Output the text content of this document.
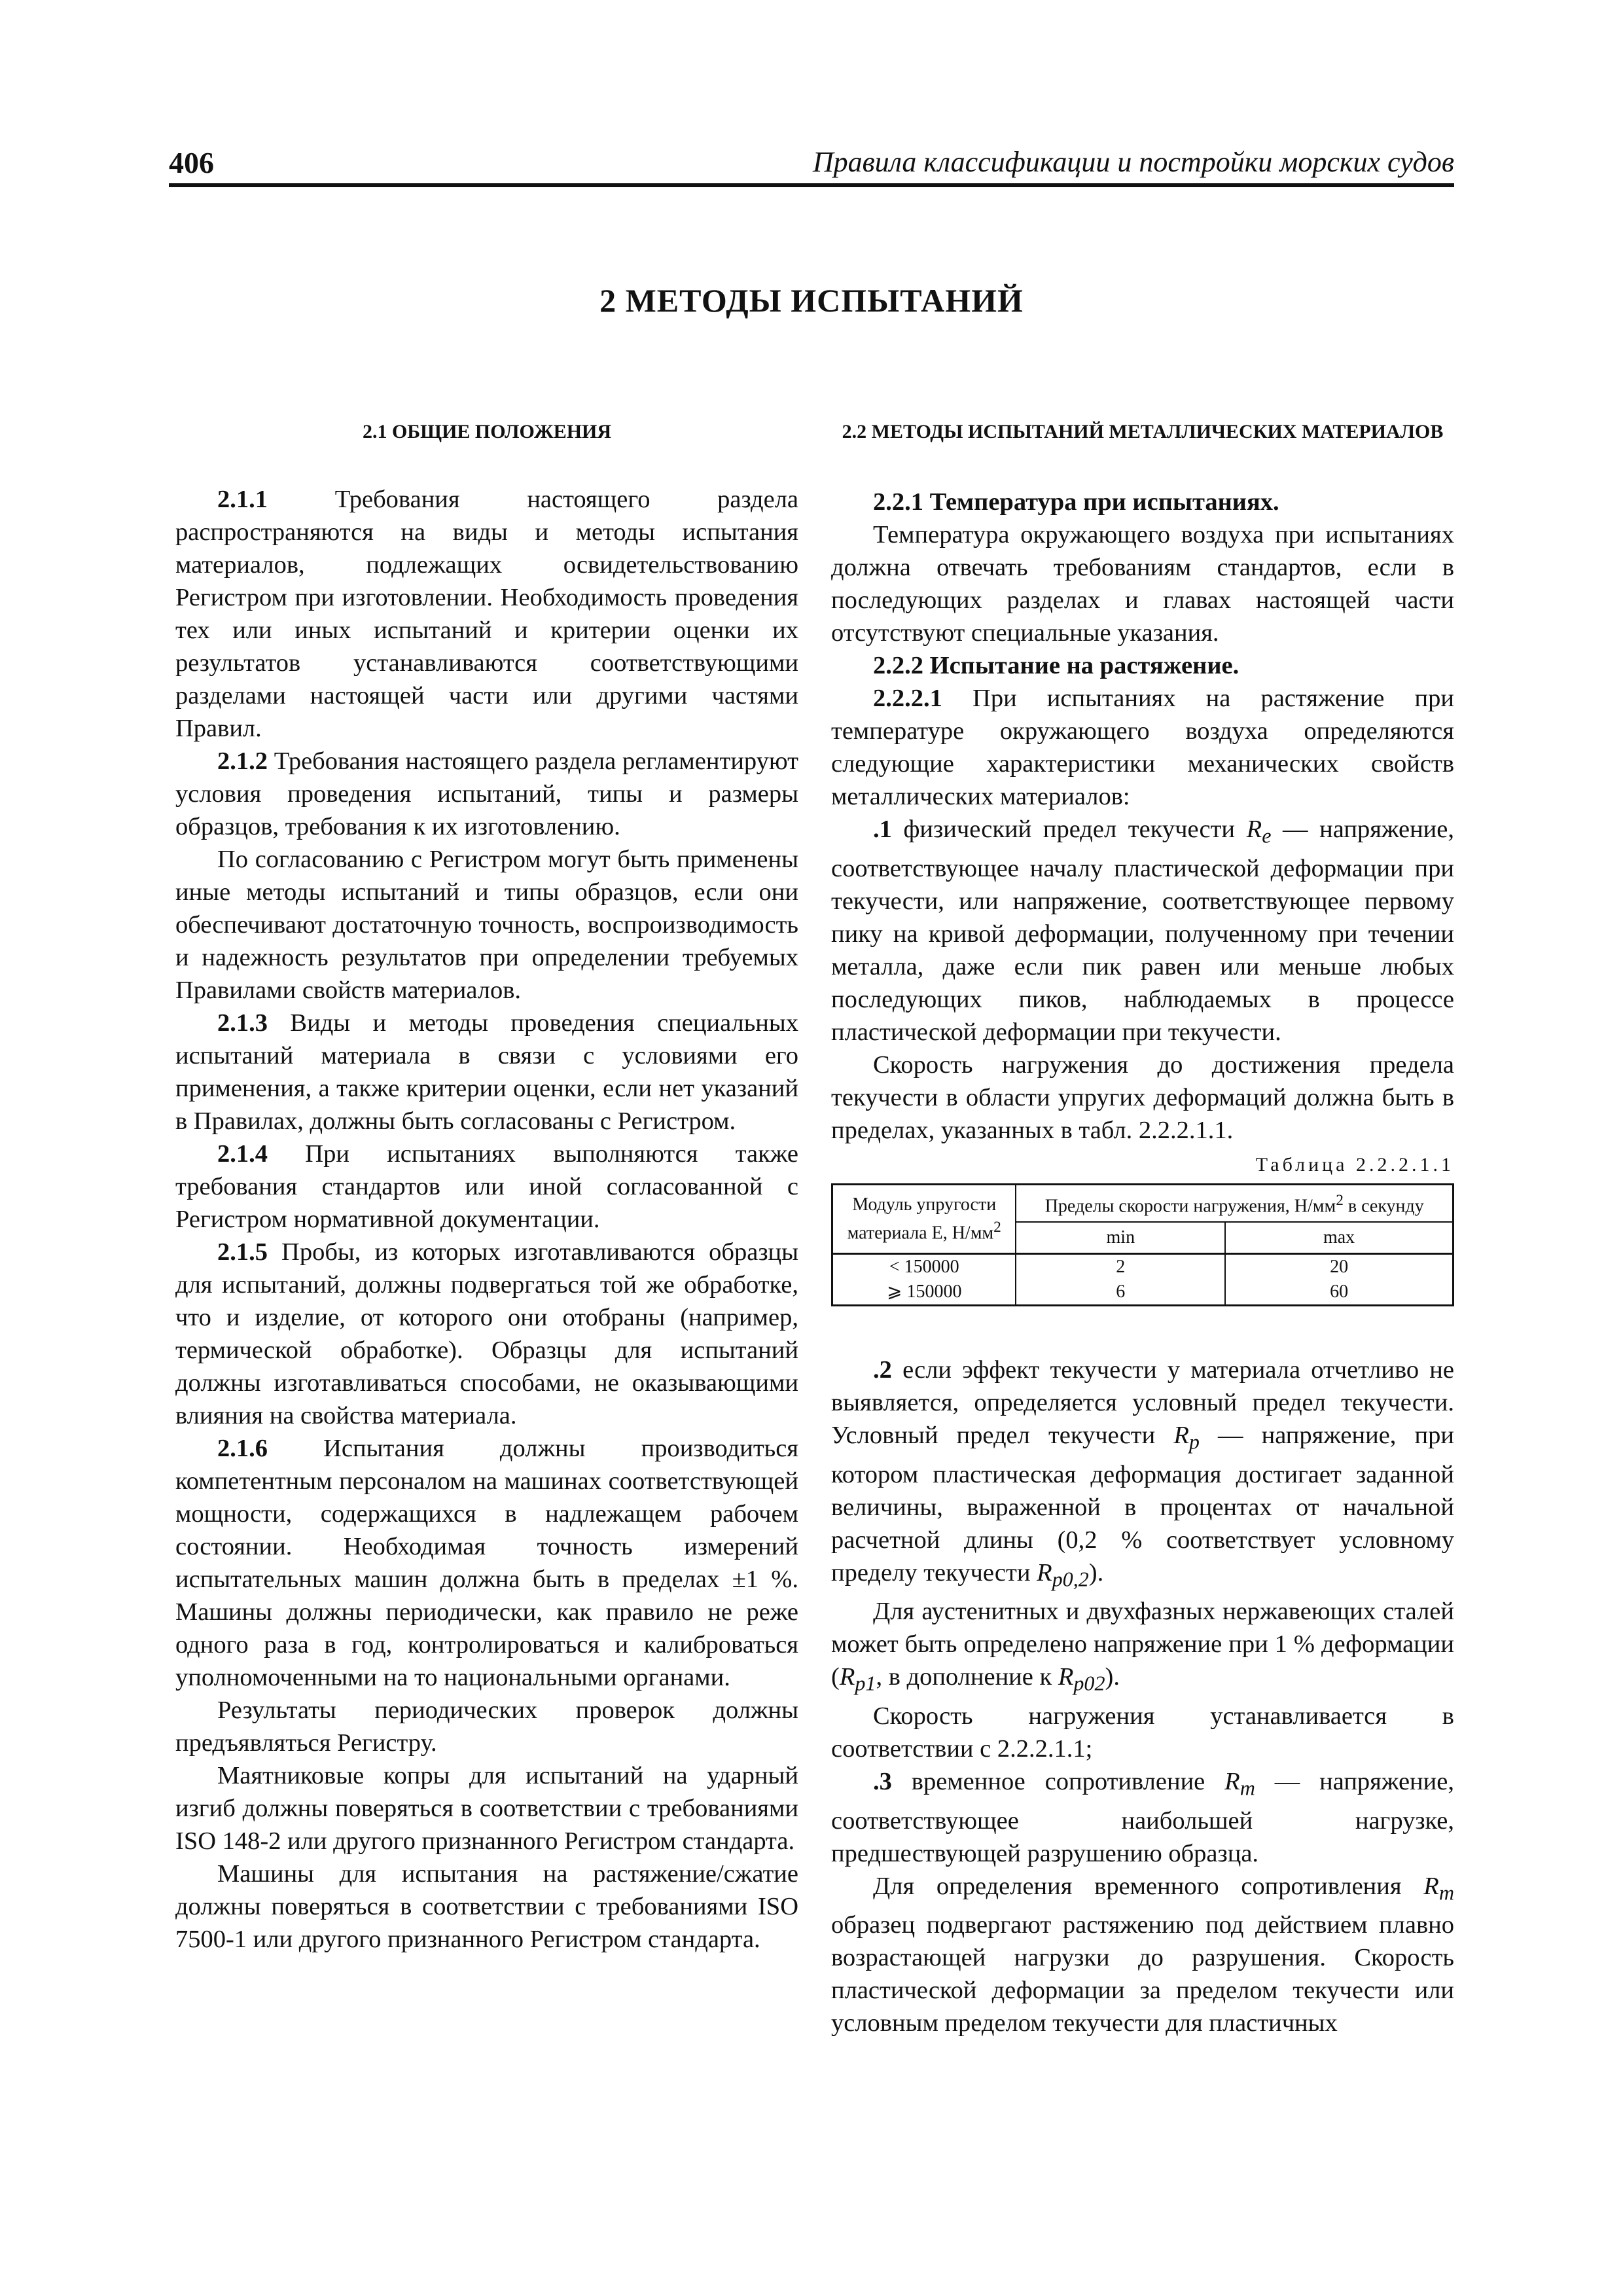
406	Правила классификации и постройки морских судов
2 МЕТОДЫ ИСПЫТАНИЙ
2.1 ОБЩИЕ ПОЛОЖЕНИЯ

2.1.1 Требования настоящего раздела распространяются на виды и методы испытания материалов, подлежащих освидетельствованию Регистром при изготовлении. Необходимость проведения тех или иных испытаний и критерии оценки их результатов устанавливаются соответствующими разделами настоящей части или другими частями Правил.

2.1.2 Требования настоящего раздела регламентируют условия проведения испытаний, типы и размеры образцов, требования к их изготовлению.

По согласованию с Регистром могут быть применены иные методы испытаний и типы образцов, если они обеспечивают достаточную точность, воспроизводимость и надежность результатов при определении требуемых Правилами свойств материалов.

2.1.3 Виды и методы проведения специальных испытаний материала в связи с условиями его применения, а также критерии оценки, если нет указаний в Правилах, должны быть согласованы с Регистром.

2.1.4 При испытаниях выполняются также требования стандартов или иной согласованной с Регистром нормативной документации.

2.1.5 Пробы, из которых изготавливаются образцы для испытаний, должны подвергаться той же обработке, что и изделие, от которого они отобраны (например, термической обработке). Образцы для испытаний должны изготавливаться способами, не оказывающими влияния на свойства материала.

2.1.6 Испытания должны производиться компетентным персоналом на машинах соответствующей мощности, содержащихся в надлежащем рабочем состоянии. Необходимая точность измерений испытательных машин должна быть в пределах ±1 %. Машины должны периодически, как правило не реже одного раза в год, контролироваться и калиброваться уполномоченными на то национальными органами.

Результаты периодических проверок должны предъявляться Регистру.

Маятниковые копры для испытаний на ударный изгиб должны поверяться в соответствии с требованиями ISO 148-2 или другого признанного Регистром стандарта.

Машины для испытания на растяжение/сжатие должны поверяться в соответствии с требованиями ISO 7500-1 или другого признанного Регистром стандарта.

2.2 МЕТОДЫ ИСПЫТАНИЙ МЕТАЛЛИЧЕСКИХ МАТЕРИАЛОВ

2.2.1 Температура при испытаниях.

Температура окружающего воздуха при испытаниях должна отвечать требованиям стандартов, если в последующих разделах и главах настоящей части отсутствуют специальные указания.

2.2.2 Испытание на растяжение.

2.2.2.1 При испытаниях на растяжение при температуре окружающего воздуха определяются следующие характеристики механических свойств металлических материалов:

.1 физический предел текучести $R_e$ — напряжение, соответствующее началу пластической деформации при текучести, или напряжение, соответствующее первому пику на кривой деформации, полученному при течении металла, даже если пик равен или меньше любых последующих пиков, наблюдаемых в процессе пластической деформации при текучести.

Скорость нагружения до достижения предела текучести в области упругих деформаций должна быть в пределах, указанных в табл. 2.2.2.1.1.

Таблица 2.2.2.1.1
Модуль упругости
материала E, $Н/мм^2$	Пределы скорости нагружения, $Н/мм^2$ в секунду	
	min	max
< 150000	2	20
⩾ 150000	6	60

.2 если эффект текучести у материала отчетливо не выявляется, определяется условный предел текучести. Условный предел текучести $R_p$ — напряжение, при котором пластическая деформация достигает заданной величины, выраженной в процентах от начальной расчетной длины (0,2 % соответствует условному пределу текучести $R_{p0,2}$).

Для аустенитных и двухфазных нержавеющих сталей может быть определено напряжение при 1 % деформации ($R_{p1}$, в дополнение к $R_{p02}$).

Скорость нагружения устанавливается в соответствии с 2.2.2.1.1;

.3 временное сопротивление $R_m$ — напряжение, соответствующее наибольшей нагрузке, предшествующей разрушению образца.

Для определения временного сопротивления $R_m$ образец подвергают растяжению под действием плавно возрастающей нагрузки до разрушения. Скорость пластической деформации за пределом текучести или условным пределом текучести для пластичных
